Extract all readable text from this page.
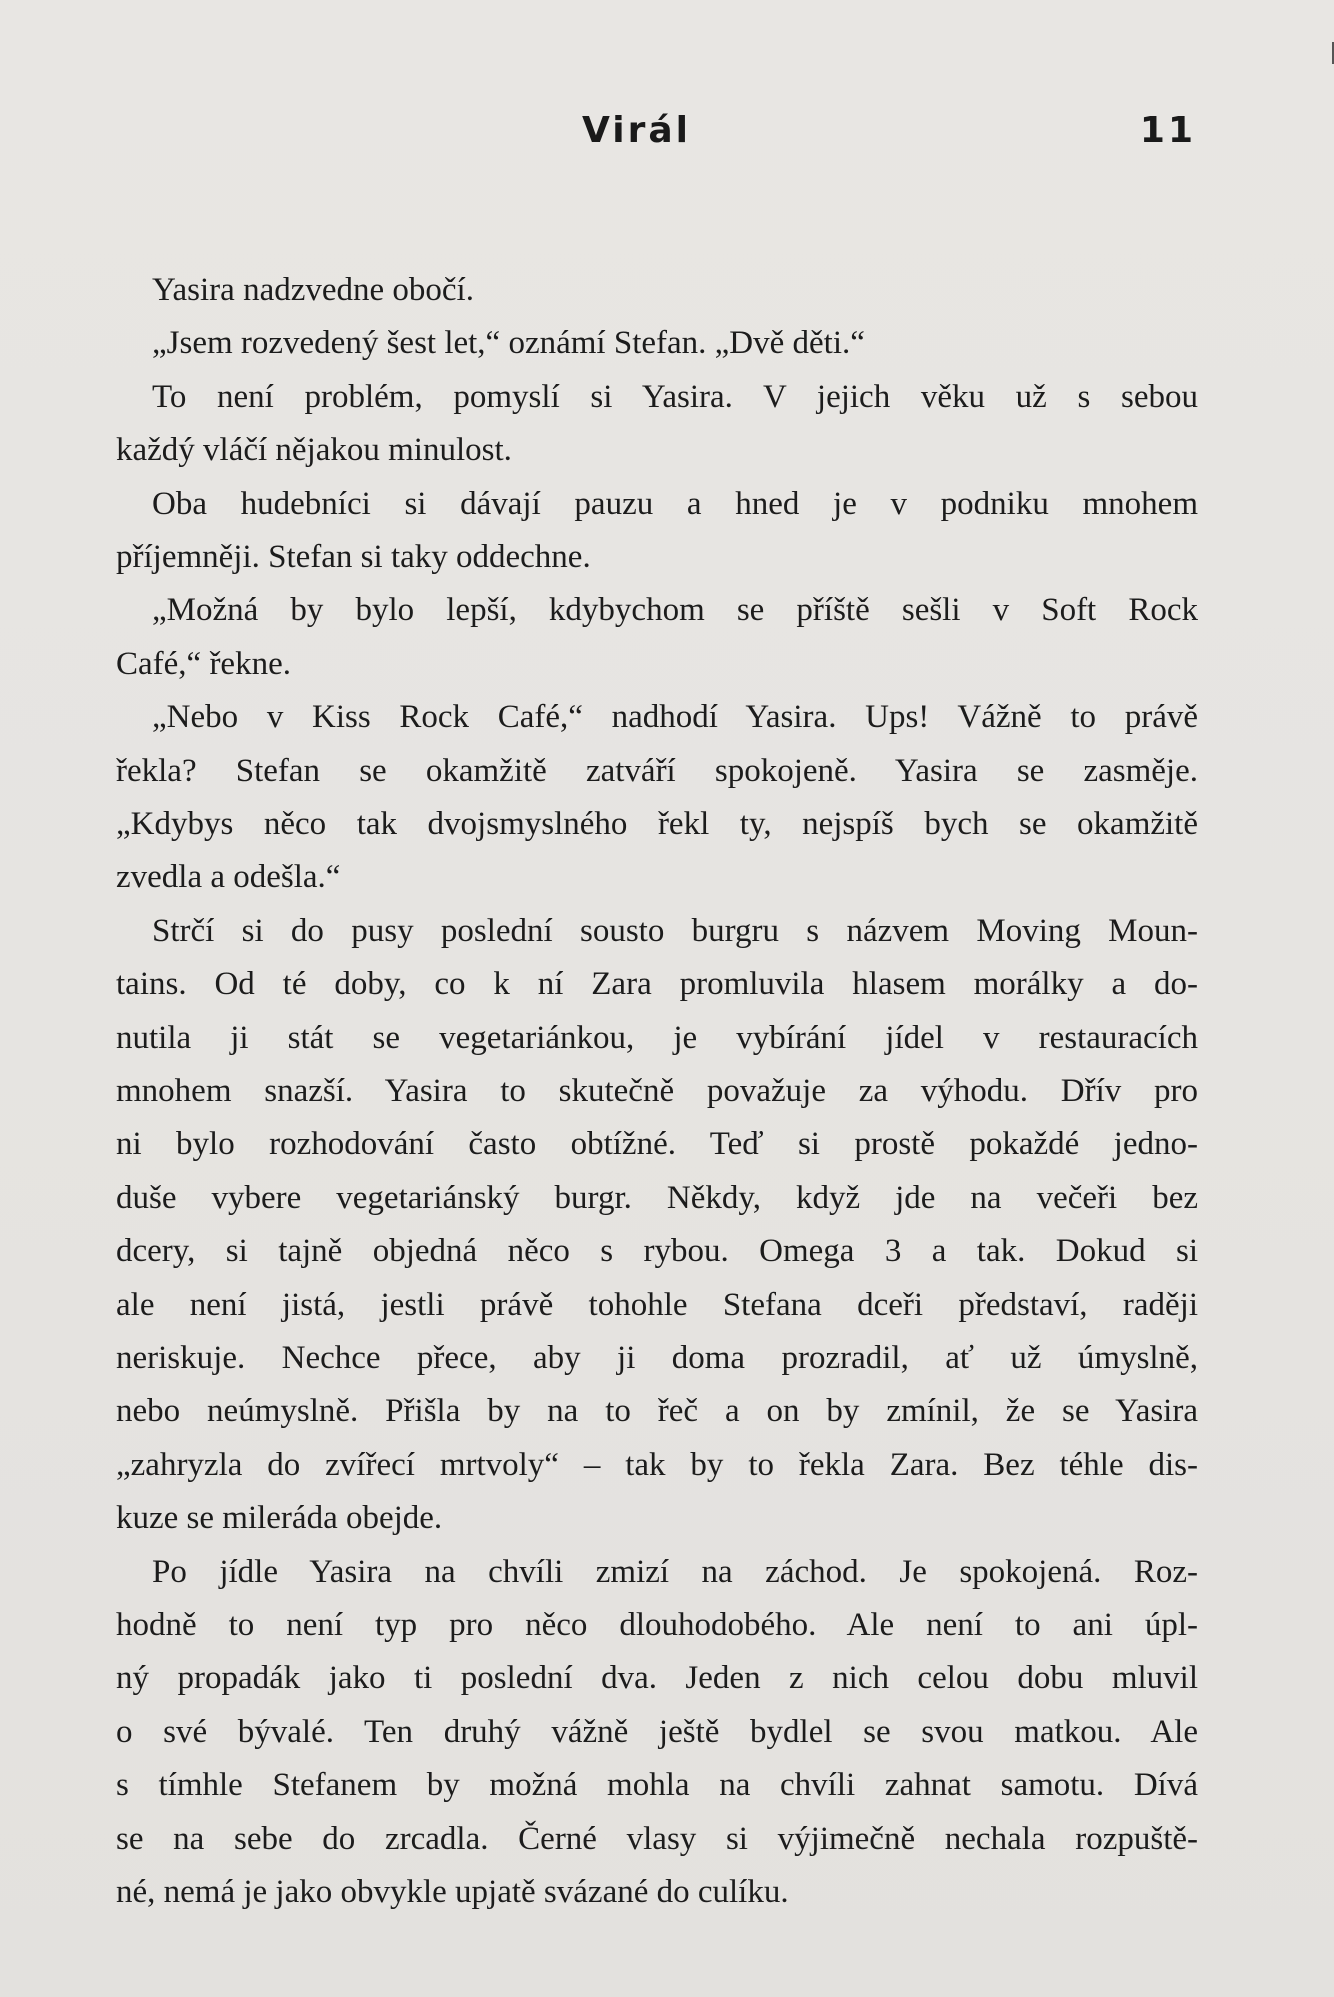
Virál	11
Yasira nadzvedne obočí.
„Jsem rozvedený šest let,“ oznámí Stefan. „Dvě děti.“
To není problém, pomyslí si Yasira. V jejich věku už s sebou
každý vláčí nějakou minulost.
Oba hudebníci si dávají pauzu a hned je v podniku mnohem
příjemněji. Stefan si taky oddechne.
„Možná by bylo lepší, kdybychom se příště sešli v Soft Rock
Café,“ řekne.
„Nebo v Kiss Rock Café,“ nadhodí Yasira. Ups! Vážně to právě
řekla? Stefan se okamžitě zatváří spokojeně. Yasira se zasměje.
„Kdybys něco tak dvojsmyslného řekl ty, nejspíš bych se okamžitě
zvedla a odešla.“
Strčí si do pusy poslední sousto burgru s názvem Moving Moun-
tains. Od té doby, co k ní Zara promluvila hlasem morálky a do-
nutila ji stát se vegetariánkou, je vybírání jídel v restauracích
mnohem snazší. Yasira to skutečně považuje za výhodu. Dřív pro
ni bylo rozhodování často obtížné. Teď si prostě pokaždé jedno-
duše vybere vegetariánský burgr. Někdy, když jde na večeři bez
dcery, si tajně objedná něco s rybou. Omega 3 a tak. Dokud si
ale není jistá, jestli právě tohohle Stefana dceři představí, raději
neriskuje. Nechce přece, aby ji doma prozradil, ať už úmyslně,
nebo neúmyslně. Přišla by na to řeč a on by zmínil, že se Yasira
„zahryzla do zvířecí mrtvoly“ – tak by to řekla Zara. Bez téhle dis-
kuze se mileráda obejde.
Po jídle Yasira na chvíli zmizí na záchod. Je spokojená. Roz-
hodně to není typ pro něco dlouhodobého. Ale není to ani úpl-
ný propadák jako ti poslední dva. Jeden z nich celou dobu mluvil
o své bývalé. Ten druhý vážně ještě bydlel se svou matkou. Ale
s tímhle Stefanem by možná mohla na chvíli zahnat samotu. Dívá
se na sebe do zrcadla. Černé vlasy si výjimečně nechala rozpuště-
né, nemá je jako obvykle upjatě svázané do culíku.
